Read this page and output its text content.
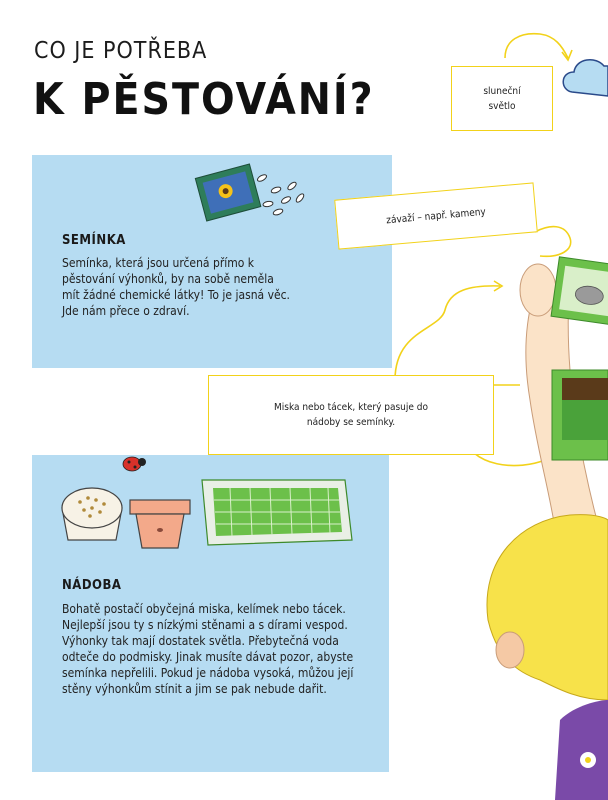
CO JE POTŘEBA
K PĚSTOVÁNÍ?
SEMÍNKA
Semínka, která jsou určená přímo k pěstování výhonků, by na sobě neměla mít žádné chemické látky! To je jasná věc. Jde nám přece o zdraví.
NÁDOBA
Bohatě postačí obyčejná miska, kelímek nebo tácek. Nejlepší jsou ty s nízkými stěnami a s dírami vespod. Výhonky tak mají dostatek světla. Přebytečná voda odteče do podmisky. Jinak musíte dávat pozor, abyste semínka nepřelili. Pokud je nádoba vysoká, můžou její stěny výhonkům stínit a jim se pak nebude dařit.
sluneční světlo
závaží – např. kameny
Miska nebo tácek, který pasuje do nádoby se semínky.
